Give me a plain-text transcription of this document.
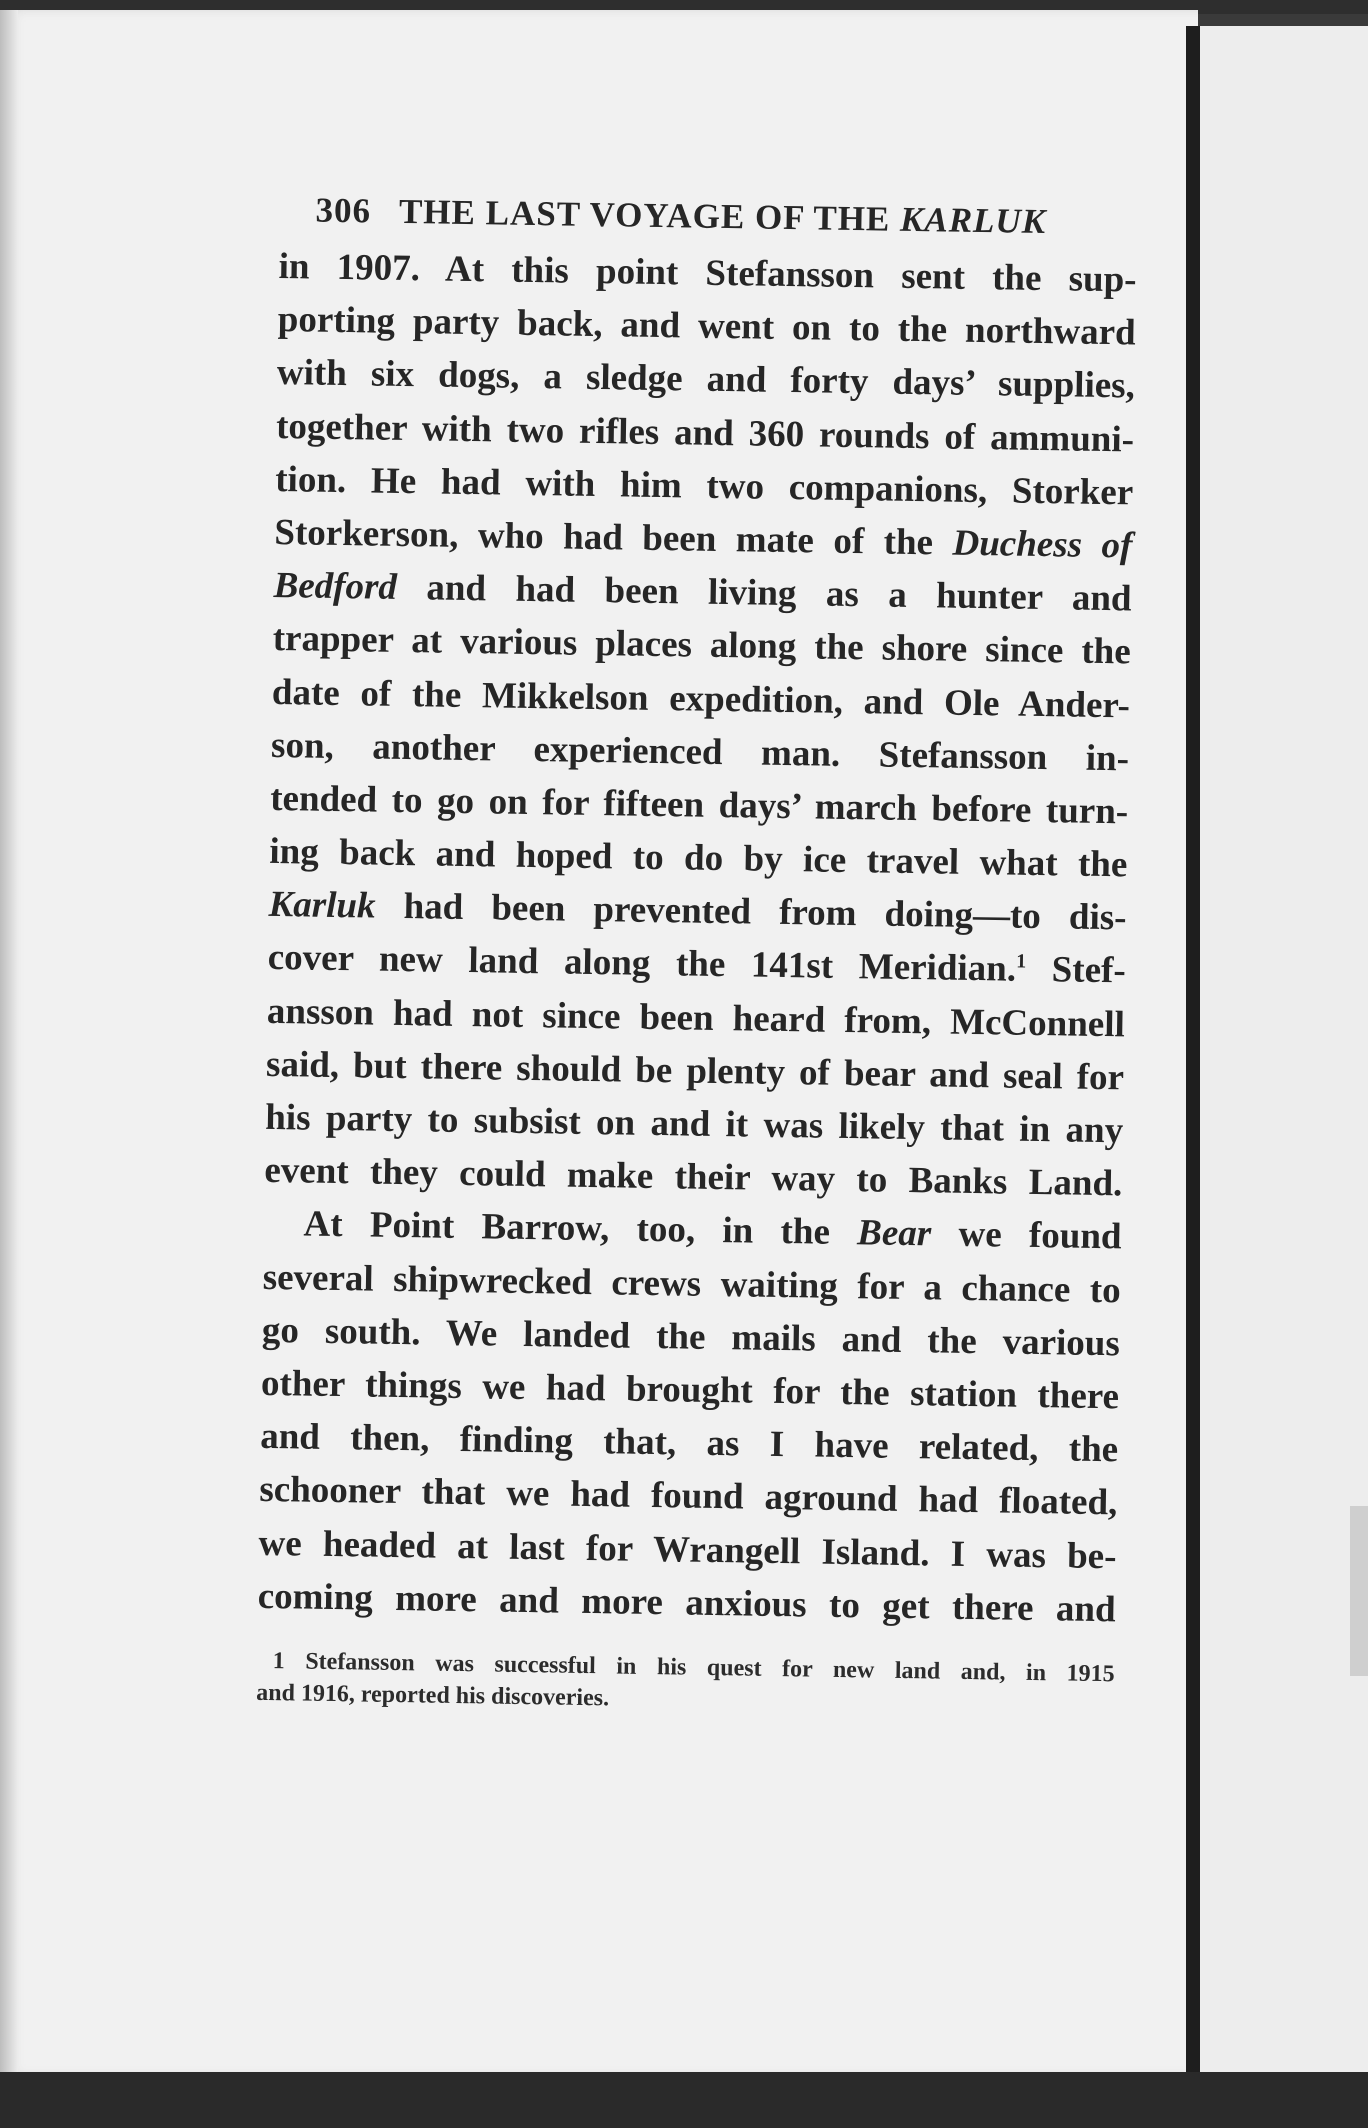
306 THE LAST VOYAGE OF THE KARLUK
in 1907. At this point Stefansson sent the sup-
porting party back, and went on to the northward
with six dogs, a sledge and forty days’ supplies,
together with two rifles and 360 rounds of ammuni-
tion. He had with him two companions, Storker
Storkerson, who had been mate of the Duchess of
Bedford and had been living as a hunter and
trapper at various places along the shore since the
date of the Mikkelson expedition, and Ole Ander-
son, another experienced man. Stefansson in-
tended to go on for fifteen days’ march before turn-
ing back and hoped to do by ice travel what the
Karluk had been prevented from doing—to dis-
cover new land along the 141st Meridian.$^1$ Stef-
ansson had not since been heard from, McConnell
said, but there should be plenty of bear and seal for
his party to subsist on and it was likely that in any
event they could make their way to Banks Land.
At Point Barrow, too, in the Bear we found
several shipwrecked crews waiting for a chance to
go south. We landed the mails and the various
other things we had brought for the station there
and then, finding that, as I have related, the
schooner that we had found aground had floated,
we headed at last for Wrangell Island. I was be-
coming more and more anxious to get there and
1 Stefansson was successful in his quest for new land and, in 1915
and 1916, reported his discoveries.
